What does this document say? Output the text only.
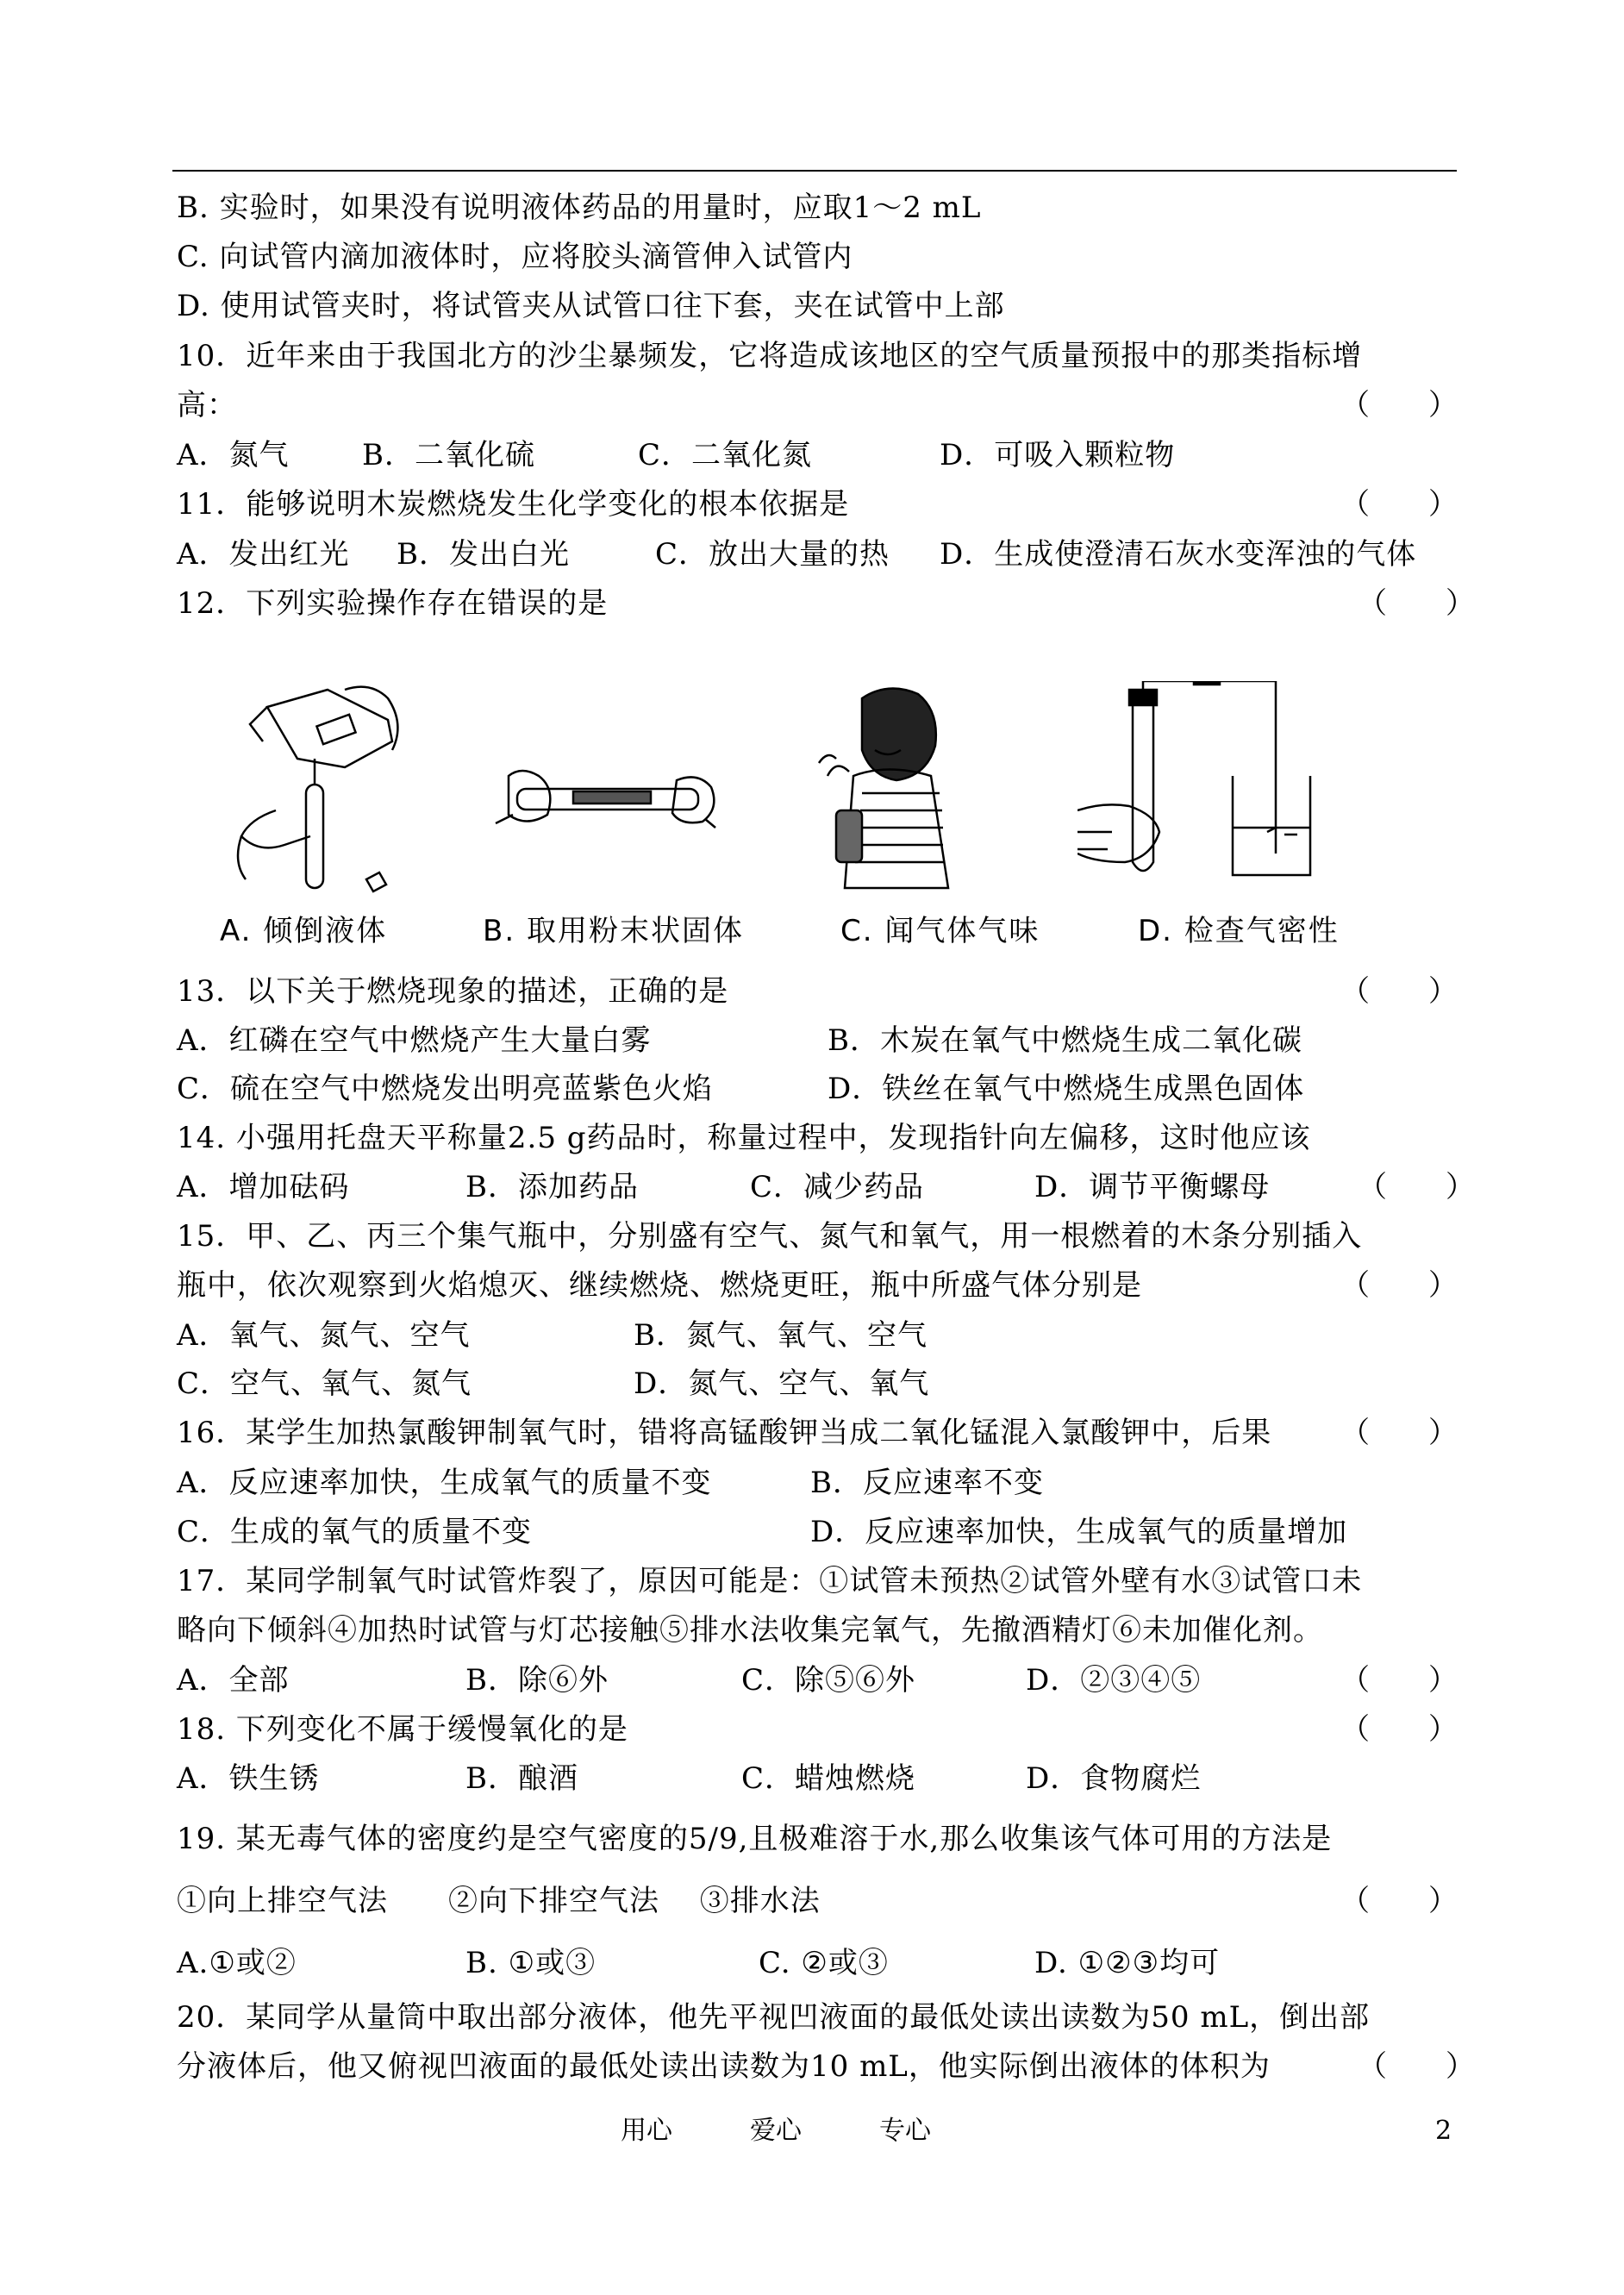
B. 实验时，如果没有说明液体药品的用量时，应取1～2 mL
C. 向试管内滴加液体时，应将胶头滴管伸入试管内
D. 使用试管夹时，将试管夹从试管口往下套，夹在试管中上部
10．近年来由于我国北方的沙尘暴频发，它将造成该地区的空气质量预报中的那类指标增
高：	（　　）
A．氮气 B．二氧化硫	C．二氧化氮	D．可吸入颗粒物
11．能够说明木炭燃烧发生化学变化的根本依据是	（　　）
A．发出红光 B．发出白光	C．放出大量的热 D．生成使澄清石灰水变浑浊的气体
12．下列实验操作存在错误的是	（　　）
A. 倾倒液体	B. 取用粉末状固体	C. 闻气体气味	D. 检查气密性
13．以下关于燃烧现象的描述，正确的是	（　　）
A．红磷在空气中燃烧产生大量白雾	B．木炭在氧气中燃烧生成二氧化碳
C．硫在空气中燃烧发出明亮蓝紫色火焰	D．铁丝在氧气中燃烧生成黑色固体
14. 小强用托盘天平称量2.5 g药品时，称量过程中，发现指针向左偏移，这时他应该
A．增加砝码	B．添加药品	C．减少药品	D．调节平衡螺母	（　　）
15．甲、乙、丙三个集气瓶中，分别盛有空气、氮气和氧气，用一根燃着的木条分别插入
瓶中，依次观察到火焰熄灭、继续燃烧、燃烧更旺，瓶中所盛气体分别是	（　　）
A．氧气、氮气、空气	B．氮气、氧气、空气
C．空气、氧气、氮气	D．氮气、空气、氧气
16．某学生加热氯酸钾制氧气时，错将高锰酸钾当成二氧化锰混入氯酸钾中，后果 （　　）
A．反应速率加快，生成氧气的质量不变	B．反应速率不变
C．生成的氧气的质量不变	D．反应速率加快，生成氧气的质量增加
17．某同学制氧气时试管炸裂了，原因可能是：①试管未预热②试管外壁有水③试管口未
略向下倾斜④加热时试管与灯芯接触⑤排水法收集完氧气，先撤酒精灯⑥未加催化剂。
A．全部	B．除⑥外	C．除⑤⑥外	D．②③④⑤	（　　）
18. 下列变化不属于缓慢氧化的是	（　　）
A．铁生锈	B．酿酒	C．蜡烛燃烧	D．食物腐烂
19. 某无毒气体的密度约是空气密度的5/9,且极难溶于水,那么收集该气体可用的方法是
①向上排空气法　　②向下排空气法　 ③排水法	（　　）
A.①或②	B. ①或③	C. ②或③	D. ①②③均可
20．某同学从量筒中取出部分液体，他先平视凹液面的最低处读出读数为50 mL，倒出部
分液体后，他又俯视凹液面的最低处读出读数为10 mL，他实际倒出液体的体积为	（　　）
用心	爱心	专心	2
